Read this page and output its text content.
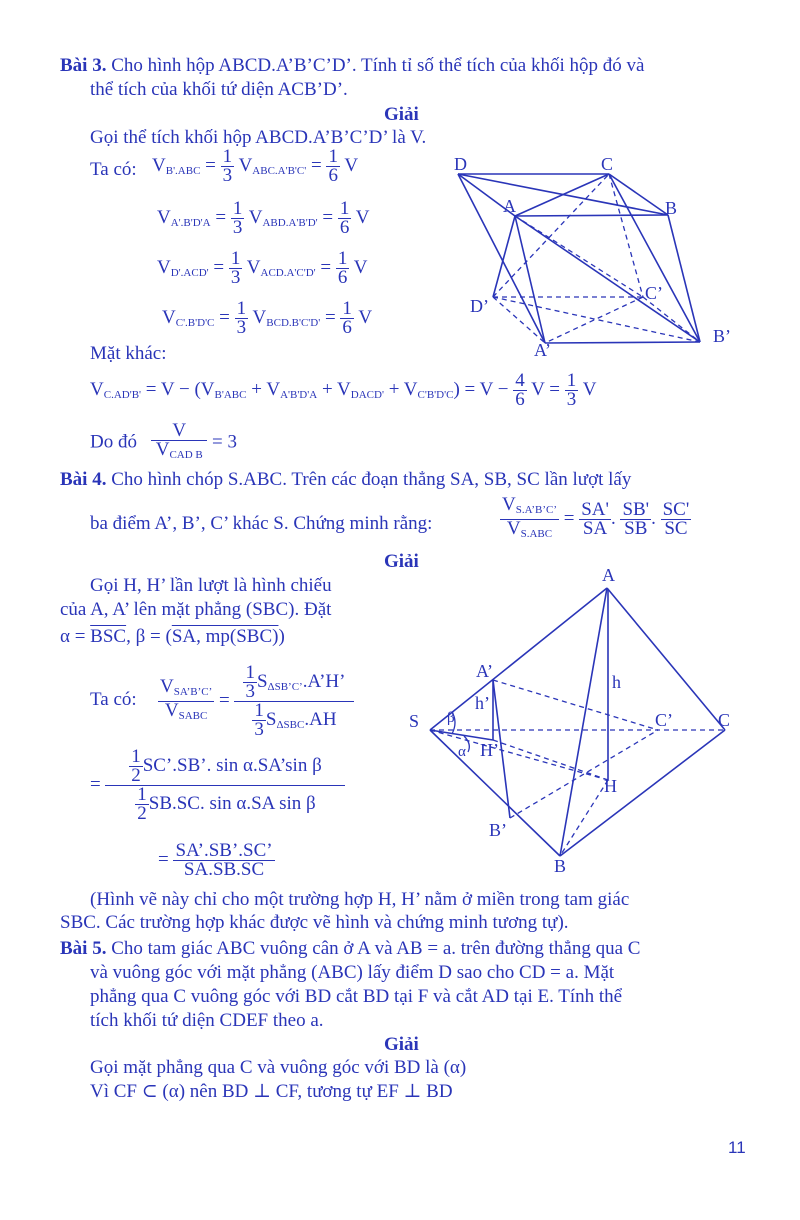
Bài 3. Cho hình hộp ABCD.A’B’C’D’. Tính tỉ số thể tích của khối hộp đó và
thể tích của khối tứ diện ACB’D’.
Giải
Gọi thể tích khối hộp ABCD.A’B’C’D’ là V.
Ta có: $V_{B'.ABC} = \frac{1}{3} V_{ABC.A'B'C'} = \frac{1}{6}$ V
$V_{A'.B'D'A} = \frac{1}{3} V_{ABD.A'B'D'} = \frac{1}{6}$ V
$V_{D'.ACD'} = \frac{1}{3} V_{ACD.A'C'D'} = \frac{1}{6}$ V
$V_{C'.B'D'C} = \frac{1}{3} V_{BCD.B'C'D'} = \frac{1}{6}$ V
Mặt khác:
$V_{C.AD'B'} = V - (V_{B'ABC} + V_{A'B'D'A} + V_{DACD'} + V_{C'B'D'C}) = V - \frac{4}{6}$ $V = \frac{1}{3}$ V
Do đó
V
$V_{CAD B}$
= 3
D	C
A	B
D’
C’
A’
B’
Bài 4. Cho hình chóp S.ABC. Trên các đoạn thẳng SA, SB, SC lần lượt lấy
ba điểm A’, B’, C’ khác S. Chứng minh rằng:
$V_{S.A’B’C’}$
$V_{S.ABC}$
= $\frac{SA'}{SA}$ . $\frac{SB'}{SB}$ . $\frac{SC'}{SC}$
Giải
Gọi H, H’ lần lượt là hình chiếu
của A, A’ lên mặt phẳng (SBC). Đặt
$\alpha = \overline{BSC}$, β = (SA, mp(SBC))
Ta có:
$V_{SA’B’C’}$
$V_{SABC}$
= $\frac{1}{3}$ $S_{\Delta SB’C’}.A’H$’
$\frac{1}{3} S_{\Delta SBC}.AH$
= $\frac{\frac{1}{2} SC’.SB’. \sin \alpha.SA’\sin \beta}{\frac{1}{2} SB.SC. \sin \alpha.SA \sin \beta}$
= $\frac{SA’.SB’.SC’}{SA.SB.SC}$
A
A’
h
h’
S	C’	C
H’
H
B’
B
β
α
(Hình vẽ này chỉ cho một trường hợp H, H’ nằm ở miền trong tam giác
SBC. Các trường hợp khác được vẽ hình và chứng minh tương tự).
Bài 5. Cho tam giác ABC vuông cân ở A và AB = a. trên đường thẳng qua C
và vuông góc với mặt phẳng (ABC) lấy điểm D sao cho CD = a. Mặt
phẳng qua C vuông góc với BD cắt BD tại F và cắt AD tại E. Tính thể
tích khối tứ diện CDEF theo a.
Giải
Gọi mặt phẳng qua C và vuông góc với BD là (α)
Vì CF ⊂ (α) nên BD ⊥ CF, tương tự EF ⊥ BD
11
